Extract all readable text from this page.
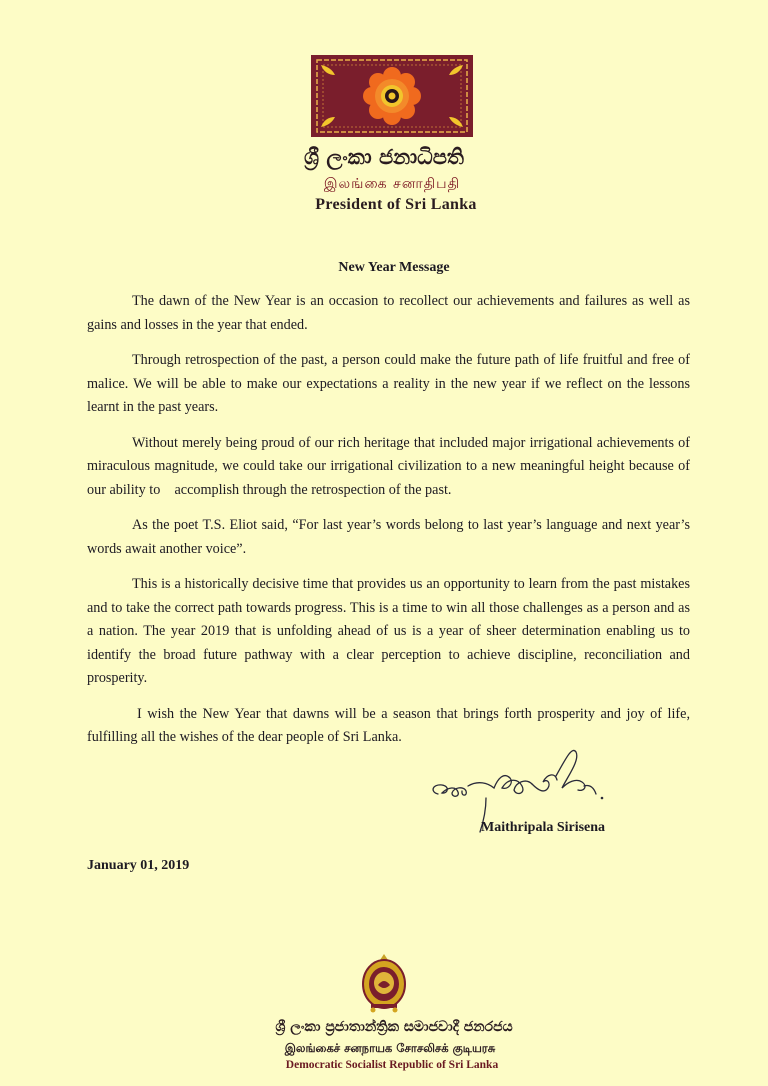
ශ්‍රී ලංකා ජනාධිපති
இலங்கை சனாதிபதி
President of Sri Lanka
New Year Message

The dawn of the New Year is an occasion to recollect our achievements and failures as well as gains and losses in the year that ended.

Through retrospection of the past, a person could make the future path of life fruitful and free of malice. We will be able to make our expectations a reality in the new year if we reflect on the lessons learnt in the past years.

Without merely being proud of our rich heritage that included major irrigational achievements of miraculous magnitude, we could take our irrigational civilization to a new meaningful height because of our ability to    accomplish through the retrospection of the past.

As the poet T.S. Eliot said, “For last year’s words belong to last year’s language and next year’s words await another voice”.

This is a historically decisive time that provides us an opportunity to learn from the past mistakes and to take the correct path towards progress. This is a time to win all those challenges as a person and as a nation. The year 2019 that is unfolding ahead of us is a year of sheer determination enabling us to identify the broad future pathway with a clear perception to achieve discipline, reconciliation and prosperity.

I wish the New Year that dawns will be a season that brings forth prosperity and joy of life, fulfilling all the wishes of the dear people of Sri Lanka.

Maithripala Sirisena
January 01, 2019
ශ්‍රී ලංකා ප්‍රජාතාන්ත්‍රික සමාජවාදී ජනරජය
இலங்கைச் சனநாயக சோசலிசக் குடியரசு
Democratic Socialist Republic of Sri Lanka
